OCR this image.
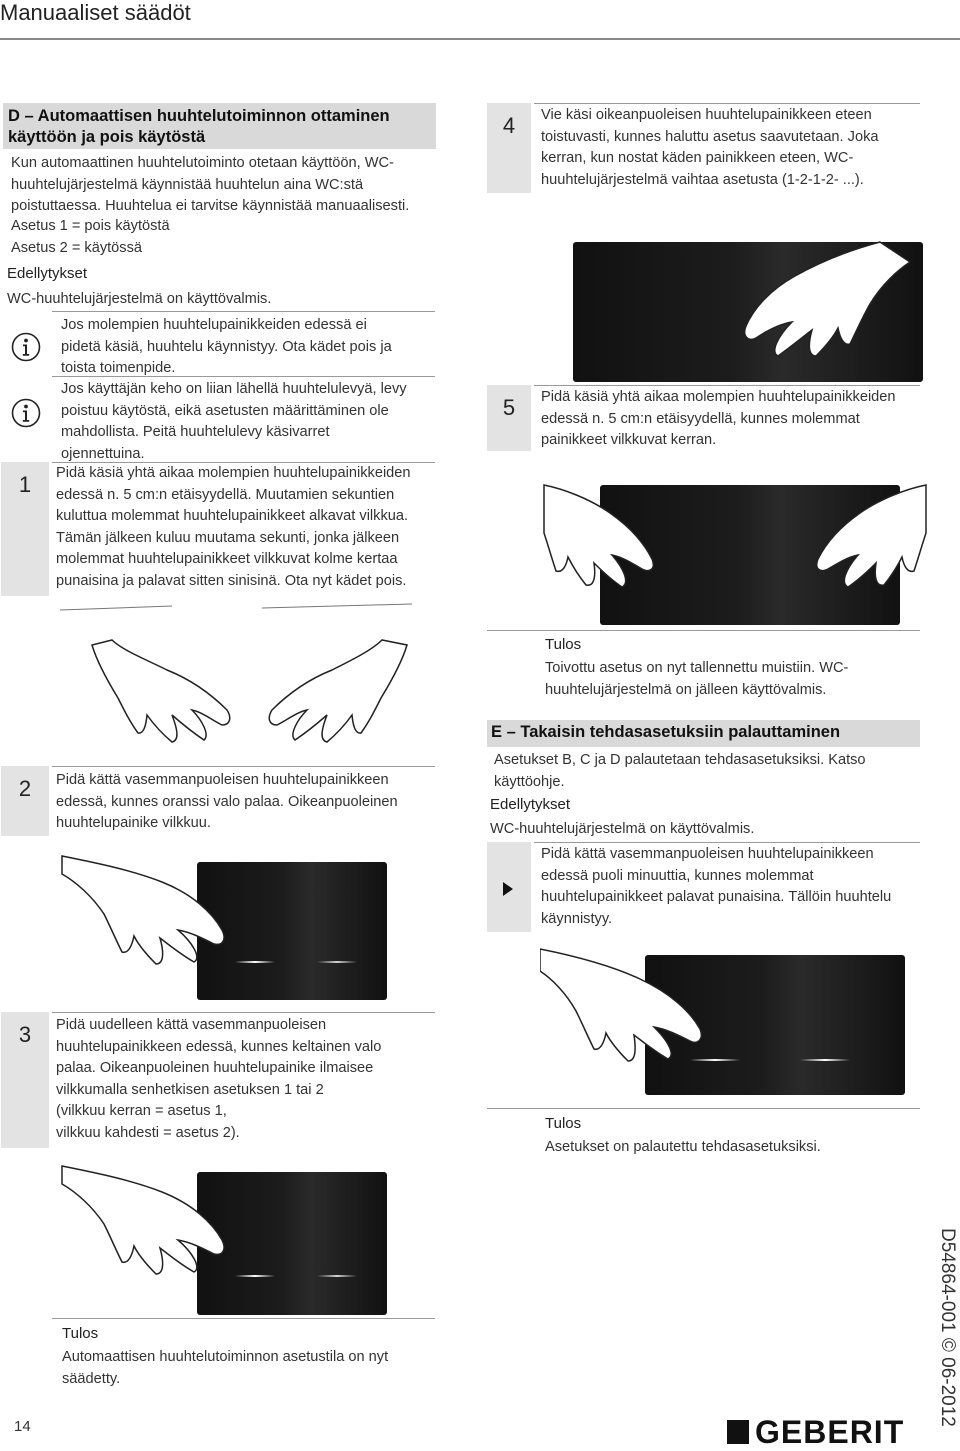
Manuaaliset säädöt
D – Automaattisen huuhtelutoiminnon ottaminen
käyttöön ja pois käytöstä
Kun automaattinen huuhtelutoiminto otetaan käyttöön, WC-
huuhtelujärjestelmä käynnistää huuhtelun aina WC:stä
poistuttaessa. Huuhtelua ei tarvitse käynnistää manuaalisesti.
Asetus 1 = pois käytöstä
Asetus 2 = käytössä
Edellytykset
WC-huuhtelujärjestelmä on käyttövalmis.
Jos molempien huuhtelupainikkeiden edessä ei
pidetä käsiä, huuhtelu käynnistyy. Ota kädet pois ja
toista toimenpide.
Jos käyttäjän keho on liian lähellä huuhtelulevyä, levy
poistuu käytöstä, eikä asetusten määrittäminen ole
mahdollista. Peitä huuhtelulevy käsivarret
ojennettuina.
1	Pidä käsiä yhtä aikaa molempien huuhtelupainikkeiden
edessä n. 5 cm:n etäisyydellä. Muutamien sekuntien
kuluttua molemmat huuhtelupainikkeet alkavat vilkkua.
Tämän jälkeen kuluu muutama sekunti, jonka jälkeen
molemmat huuhtelupainikkeet vilkkuvat kolme kertaa
punaisina ja palavat sitten sinisinä. Ota nyt kädet pois.
2	Pidä kättä vasemmanpuoleisen huuhtelupainikkeen
edessä, kunnes oranssi valo palaa. Oikeanpuoleinen
huuhtelupainike vilkkuu.
3	Pidä uudelleen kättä vasemmanpuoleisen
huuhtelupainikkeen edessä, kunnes keltainen valo
palaa. Oikeanpuoleinen huuhtelupainike ilmaisee
vilkkumalla senhetkisen asetuksen 1 tai 2
(vilkkuu kerran = asetus 1,
vilkkuu kahdesti = asetus 2).
Tulos
Automaattisen huuhtelutoiminnon asetustila on nyt
säädetty.
4	Vie käsi oikeanpuoleisen huuhtelupainikkeen eteen
toistuvasti, kunnes haluttu asetus saavutetaan. Joka
kerran, kun nostat käden painikkeen eteen, WC-
huuhtelujärjestelmä vaihtaa asetusta (1-2-1-2- ...).
5	Pidä käsiä yhtä aikaa molempien huuhtelupainikkeiden
edessä n. 5 cm:n etäisyydellä, kunnes molemmat
painikkeet vilkkuvat kerran.
Tulos
Toivottu asetus on nyt tallennettu muistiin. WC-
huuhtelujärjestelmä on jälleen käyttövalmis.
E – Takaisin tehdasasetuksiin palauttaminen
Asetukset B, C ja D palautetaan tehdasasetuksiksi. Katso
käyttöohje.
Edellytykset
WC-huuhtelujärjestelmä on käyttövalmis.
Pidä kättä vasemmanpuoleisen huuhtelupainikkeen
edessä puoli minuuttia, kunnes molemmat
huuhtelupainikkeet palavat punaisina. Tällöin huuhtelu
käynnistyy.
Tulos
Asetukset on palautettu tehdasasetuksiksi.
14	GEBERIT
D54864-001 © 06-2012
